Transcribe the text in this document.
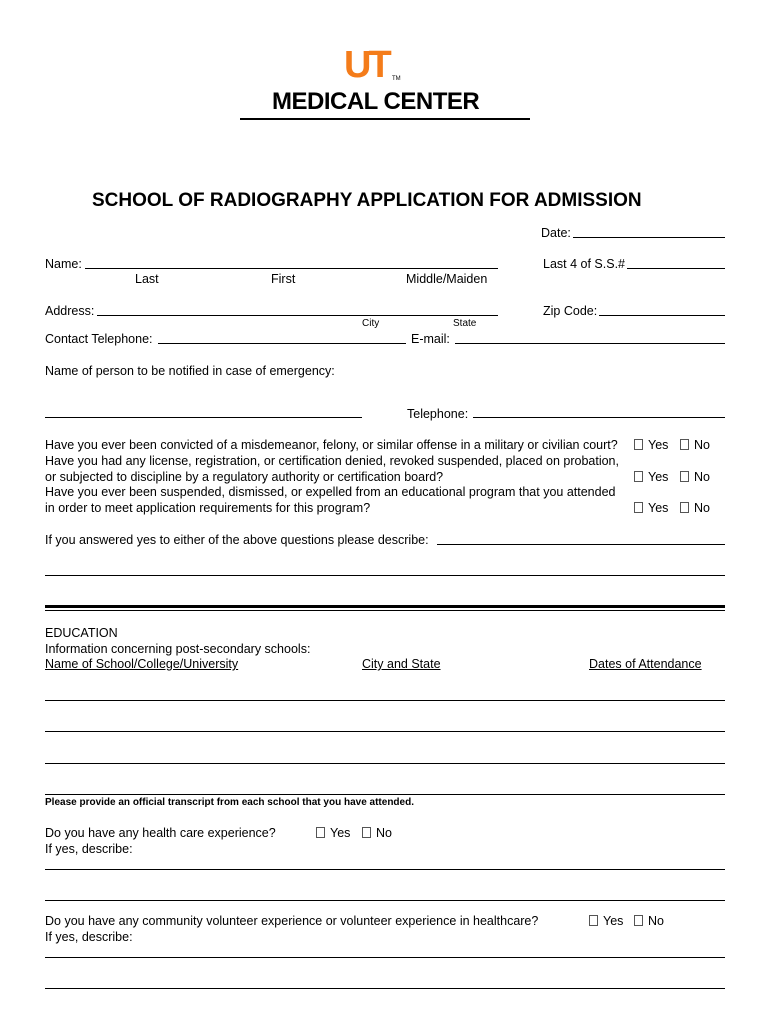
UT TM
MEDICAL CENTER
SCHOOL OF RADIOGRAPHY APPLICATION FOR ADMISSION
Date:
Name:
Last	First	Middle/Maiden
Last 4 of S.S.#
Address:
City	State
Zip Code:
Contact Telephone:	E-mail:
Name of person to be notified in case of emergency:
Telephone:
Have you ever been convicted of a misdemeanor, felony, or similar offense in a military or civilian court?	Yes	No
Have you had any license, registration, or certification denied, revoked suspended, placed on probation,
or subjected to discipline by a regulatory authority or certification board?	Yes	No
Have you ever been suspended, dismissed, or expelled from an educational program that you attended
in order to meet application requirements for this program?	Yes	No
If you answered yes to either of the above questions please describe:
EDUCATION
Information concerning post-secondary schools:
Name of School/College/University	City and State	Dates of Attendance
Please provide an official transcript from each school that you have attended.
Do you have any health care experience?	Yes	No
If yes, describe:
Do you have any community volunteer experience or volunteer experience in healthcare?	Yes	No
If yes, describe:
